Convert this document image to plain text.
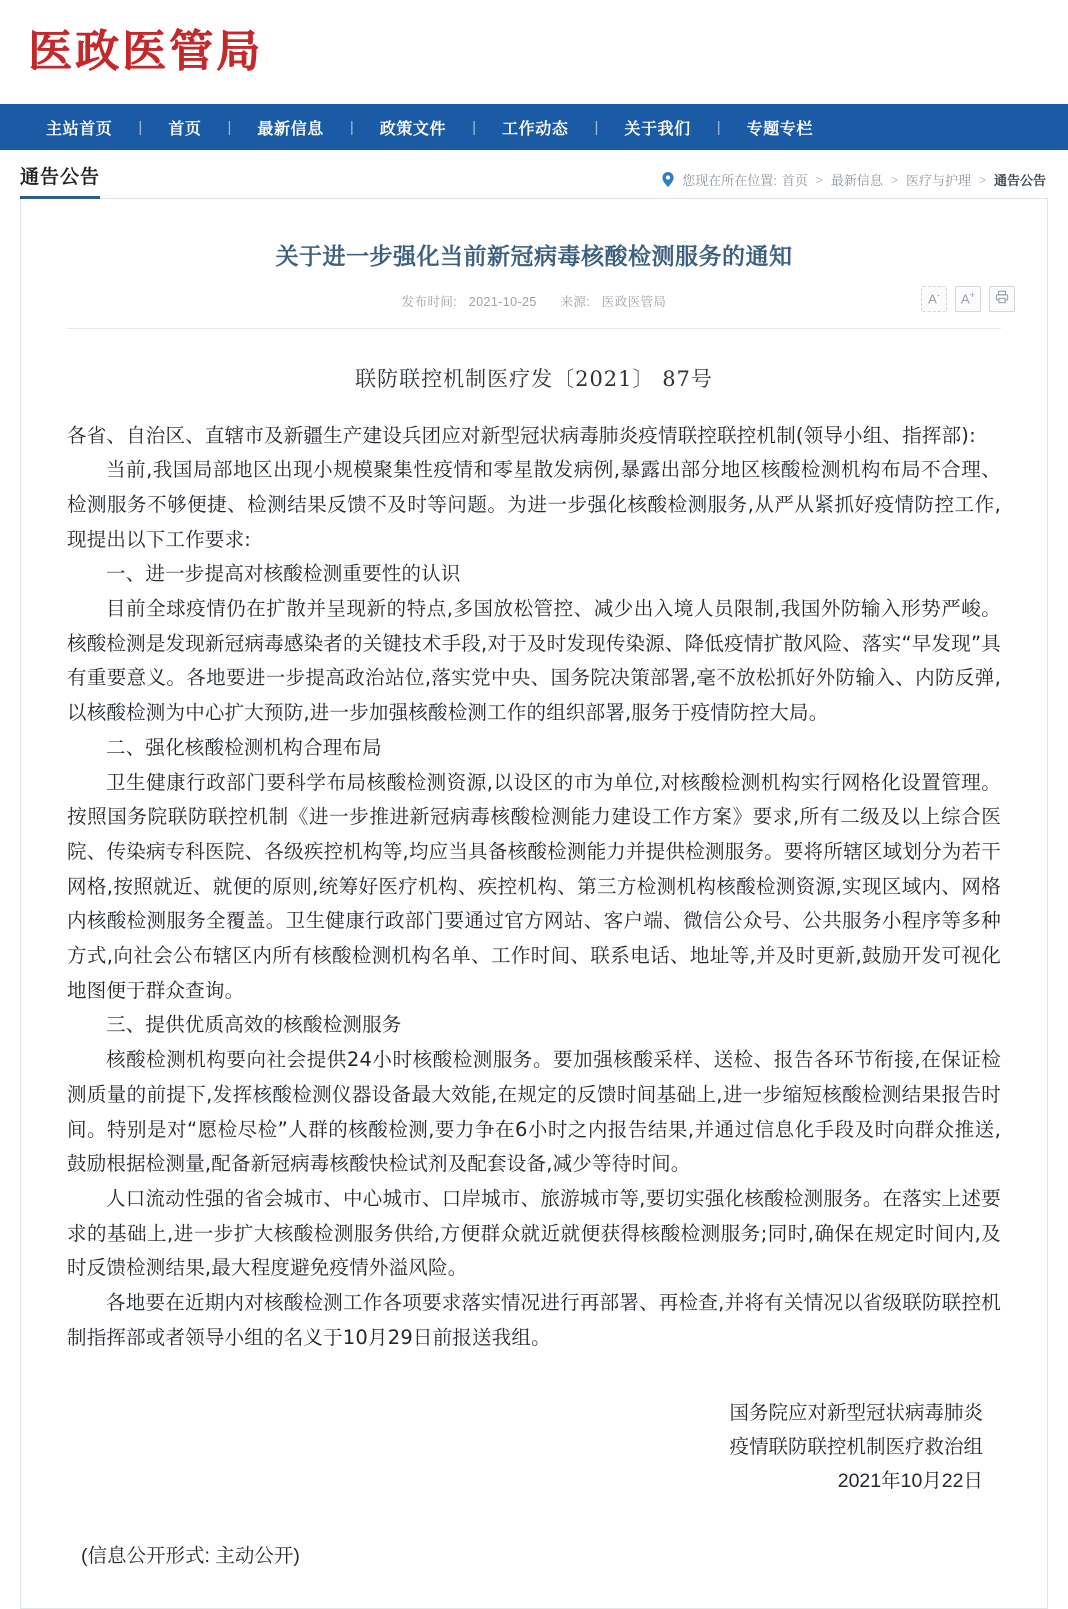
医政医管局
主站首页	|	首页	|	最新信息	|	政策文件	|	工作动态	|	关于我们	|	专题专栏
通告公告	您现在所在位置: 首页 > 最新信息 > 医疗与护理 > 通告公告
关于进一步强化当前新冠病毒核酸检测服务的通知
发布时间: 2021-10-25 来源: 医政医管局	A- A+
联防联控机制医疗发〔2021〕 87号

各省、自治区、直辖市及新疆生产建设兵团应对新型冠状病毒肺炎疫情联控联控机制(领导小组、指挥部):

当前,我国局部地区出现小规模聚集性疫情和零星散发病例,暴露出部分地区核酸检测机构布局不合理、检测服务不够便捷、检测结果反馈不及时等问题。为进一步强化核酸检测服务,从严从紧抓好疫情防控工作,现提出以下工作要求:

一、进一步提高对核酸检测重要性的认识

目前全球疫情仍在扩散并呈现新的特点,多国放松管控、减少出入境人员限制,我国外防输入形势严峻。核酸检测是发现新冠病毒感染者的关键技术手段,对于及时发现传染源、降低疫情扩散风险、落实“早发现”具有重要意义。各地要进一步提高政治站位,落实党中央、国务院决策部署,毫不放松抓好外防输入、内防反弹,以核酸检测为中心扩大预防,进一步加强核酸检测工作的组织部署,服务于疫情防控大局。

二、强化核酸检测机构合理布局

卫生健康行政部门要科学布局核酸检测资源,以设区的市为单位,对核酸检测机构实行网格化设置管理。按照国务院联防联控机制《进一步推进新冠病毒核酸检测能力建设工作方案》要求,所有二级及以上综合医院、传染病专科医院、各级疾控机构等,均应当具备核酸检测能力并提供检测服务。要将所辖区域划分为若干网格,按照就近、就便的原则,统筹好医疗机构、疾控机构、第三方检测机构核酸检测资源,实现区域内、网格内核酸检测服务全覆盖。卫生健康行政部门要通过官方网站、客户端、微信公众号、公共服务小程序等多种方式,向社会公布辖区内所有核酸检测机构名单、工作时间、联系电话、地址等,并及时更新,鼓励开发可视化地图便于群众查询。

三、提供优质高效的核酸检测服务

核酸检测机构要向社会提供24小时核酸检测服务。要加强核酸采样、送检、报告各环节衔接,在保证检测质量的前提下,发挥核酸检测仪器设备最大效能,在规定的反馈时间基础上,进一步缩短核酸检测结果报告时间。特别是对“愿检尽检”人群的核酸检测,要力争在6小时之内报告结果,并通过信息化手段及时向群众推送,鼓励根据检测量,配备新冠病毒核酸快检试剂及配套设备,减少等待时间。

人口流动性强的省会城市、中心城市、口岸城市、旅游城市等,要切实强化核酸检测服务。在落实上述要求的基础上,进一步扩大核酸检测服务供给,方便群众就近就便获得核酸检测服务;同时,确保在规定时间内,及时反馈检测结果,最大程度避免疫情外溢风险。

各地要在近期内对核酸检测工作各项要求落实情况进行再部署、再检查,并将有关情况以省级联防联控机制指挥部或者领导小组的名义于10月29日前报送我组。

国务院应对新型冠状病毒肺炎
疫情联防联控机制医疗救治组
2021年10月22日
(信息公开形式: 主动公开)
